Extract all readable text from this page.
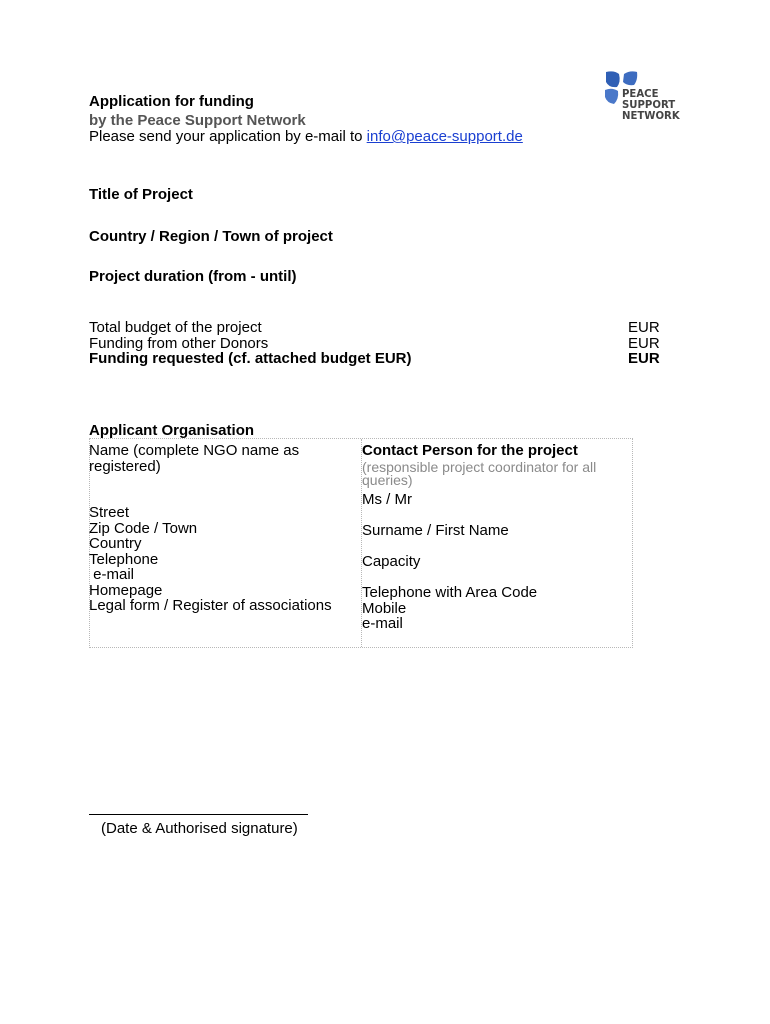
Application for funding
by the Peace Support Network
Please send your application by e-mail to info@peace-support.de
PEACE
SUPPORT
NETWORK
Title of Project
Country / Region / Town of project
Project duration (from - until)
Total budget of the project
Funding from other Donors
Funding requested (cf. attached budget EUR)
EUR
EUR
EUR
Applicant Organisation
Name (complete NGO name as
registered)
Street
Zip Code / Town
Country
Telephone
e-mail
Homepage
Legal form / Register of associations
Contact Person for the project
(responsible project coordinator for all
queries)
Ms / Mr
Surname / First Name
Capacity
Telephone with Area Code
Mobile
e-mail
(Date & Authorised signature)
